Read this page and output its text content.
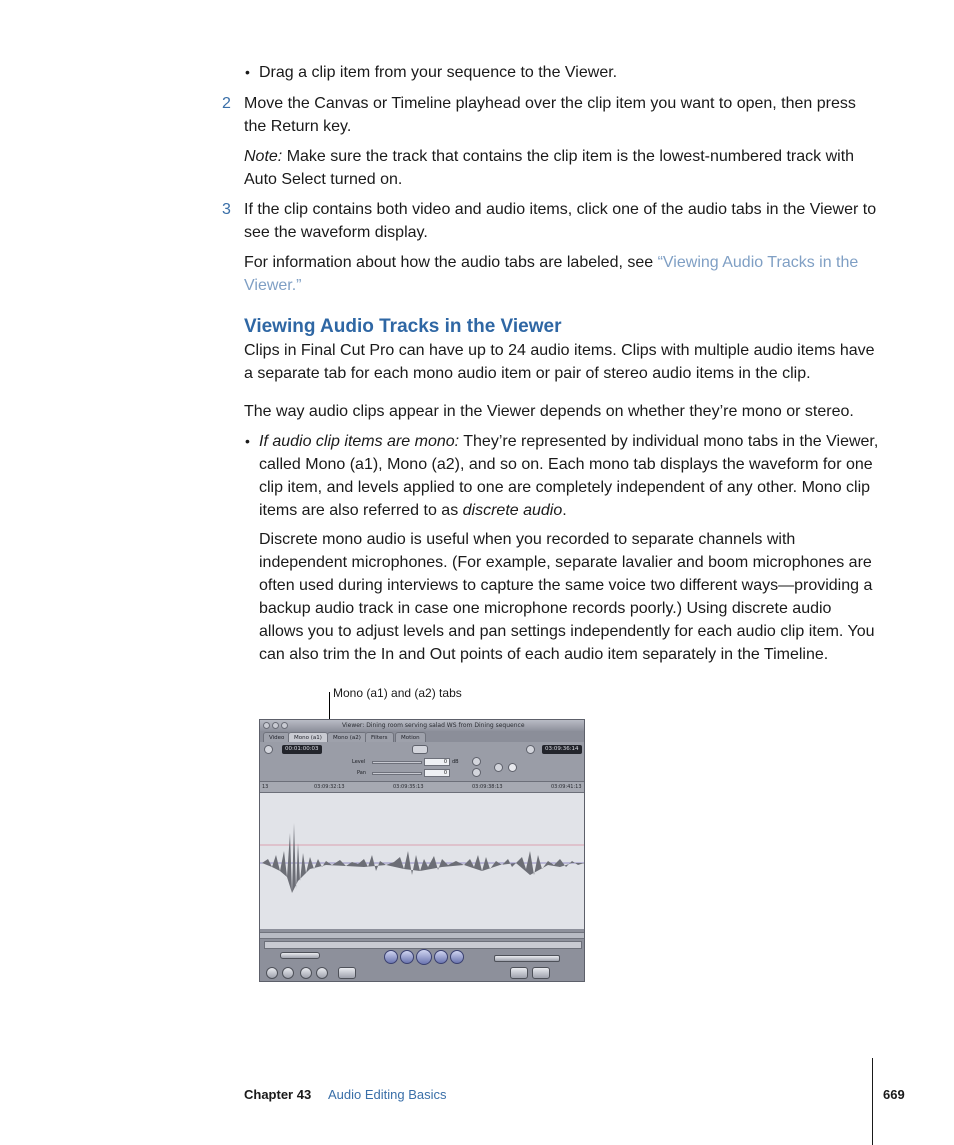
• Drag a clip item from your sequence to the Viewer.

2 Move the Canvas or Timeline playhead over the clip item you want to open, then press the Return key.

Note: Make sure the track that contains the clip item is the lowest-numbered track with Auto Select turned on.

3 If the clip contains both video and audio items, click one of the audio tabs in the Viewer to see the waveform display.

For information about how the audio tabs are labeled, see “Viewing Audio Tracks in the Viewer.”

Viewing Audio Tracks in the Viewer

Clips in Final Cut Pro can have up to 24 audio items. Clips with multiple audio items have a separate tab for each mono audio item or pair of stereo audio items in the clip.

The way audio clips appear in the Viewer depends on whether they’re mono or stereo.

• If audio clip items are mono: They’re represented by individual mono tabs in the Viewer, called Mono (a1), Mono (a2), and so on. Each mono tab displays the waveform for one clip item, and levels applied to one are completely independent of any other. Mono clip items are also referred to as discrete audio.

Discrete mono audio is useful when you recorded to separate channels with independent microphones. (For example, separate lavalier and boom microphones are often used during interviews to capture the same voice two different ways—providing a backup audio track in case one microphone records poorly.) Using discrete audio allows you to adjust levels and pan settings independently for each audio clip item. You can also trim the In and Out points of each audio item separately in the Timeline.

Mono (a1) and (a2) tabs
Viewer: Dining room serving salad WS from Dining sequence
Video	Mono (a1)	Mono (a2)	Filters	Motion
00:01:00:03	03:09:36:14
Level	0	dB
Pan	0
13	03:09:32:13	03:09:35:13	03:09:38:13	03:09:41:13
Chapter 43 Audio Editing Basics	669
